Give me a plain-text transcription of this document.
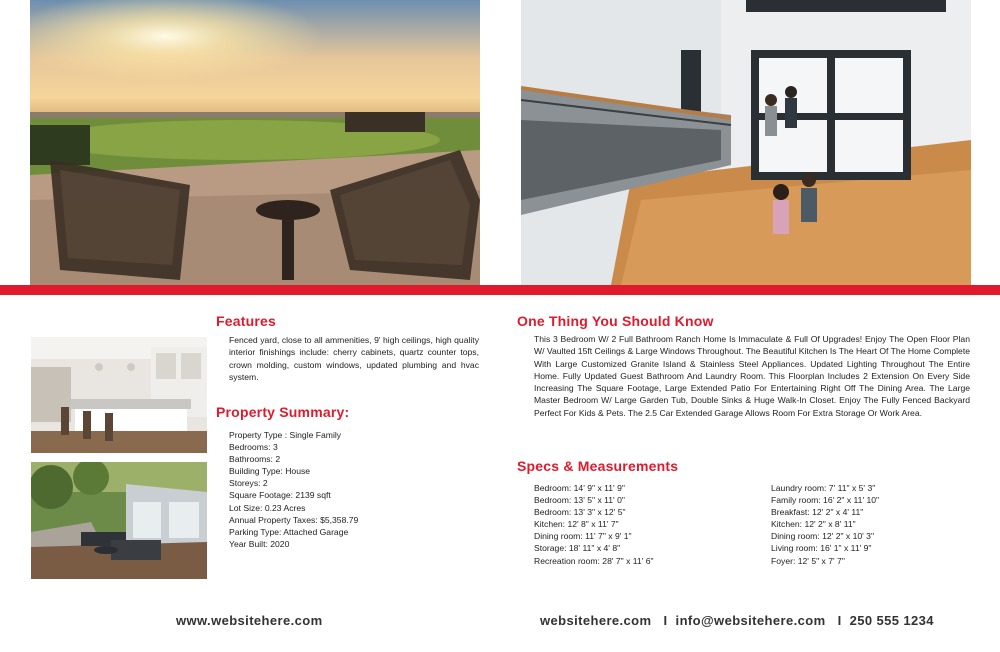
Features

Fenced yard, close to all ammenities, 9' high ceilings, high quality interior finishings include: cherry cabinets, quartz counter tops, crown molding, custom windows, updated plumbing and hvac system.

Property Summary:
Property Type : Single Family
Bedrooms: 3
Bathrooms: 2
Building Type: House
Storeys: 2
Square Footage: 2139 sqft
Lot Size: 0.23 Acres
Annual Property Taxes: $5,358.79
Parking Type: Attached Garage
Year Built: 2020
One Thing You Should Know

This 3 Bedroom W/ 2 Full Bathroom Ranch Home Is Immaculate & Full Of Upgrades! Enjoy The Open Floor Plan W/ Vaulted 15ft Ceilings & Large Windows Throughout. The Beautiful Kitchen Is The Heart Of The Home Complete With Large Customized Granite Island & Stainless Steel Appliances. Updated Lighting Throughout The Entire Home. Fully Updated Guest Bathroom And Laundry Room. This Floorplan Includes 2 Extension On Every Side Increasing The Square Footage, Large Extended Patio For Entertaining Right Off The Dining Area. The Large Master Bedroom W/ Large Garden Tub, Double Sinks & Huge Walk-In Closet. Enjoy The Fully Fenced Backyard Perfect For Kids & Pets. The 2.5 Car Extended Garage Allows Room For Extra Storage Or Work Area.

Specs & Measurements
Bedroom: 14' 9" x 11' 9"
Bedroom: 13' 5" x 11' 0"
Bedroom: 13' 3" x 12' 5"
Kitchen: 12' 8" x 11' 7"
Dining room: 11' 7" x 9' 1"
Storage: 18' 11" x 4' 8"
Recreation room: 28' 7" x 11' 6"
Laundry room: 7' 11" x 5' 3"
Family room: 16' 2" x 11' 10"
Breakfast: 12' 2" x 4' 11"
Kitchen: 12' 2" x 8' 11"
Dining room: 12' 2" x 10' 3"
Living room: 16' 1" x 11' 9"
Foyer: 12' 5" x 7' 7"
www.websitehere.com	websitehere.com   I  info@websitehere.com   I  250 555 1234
